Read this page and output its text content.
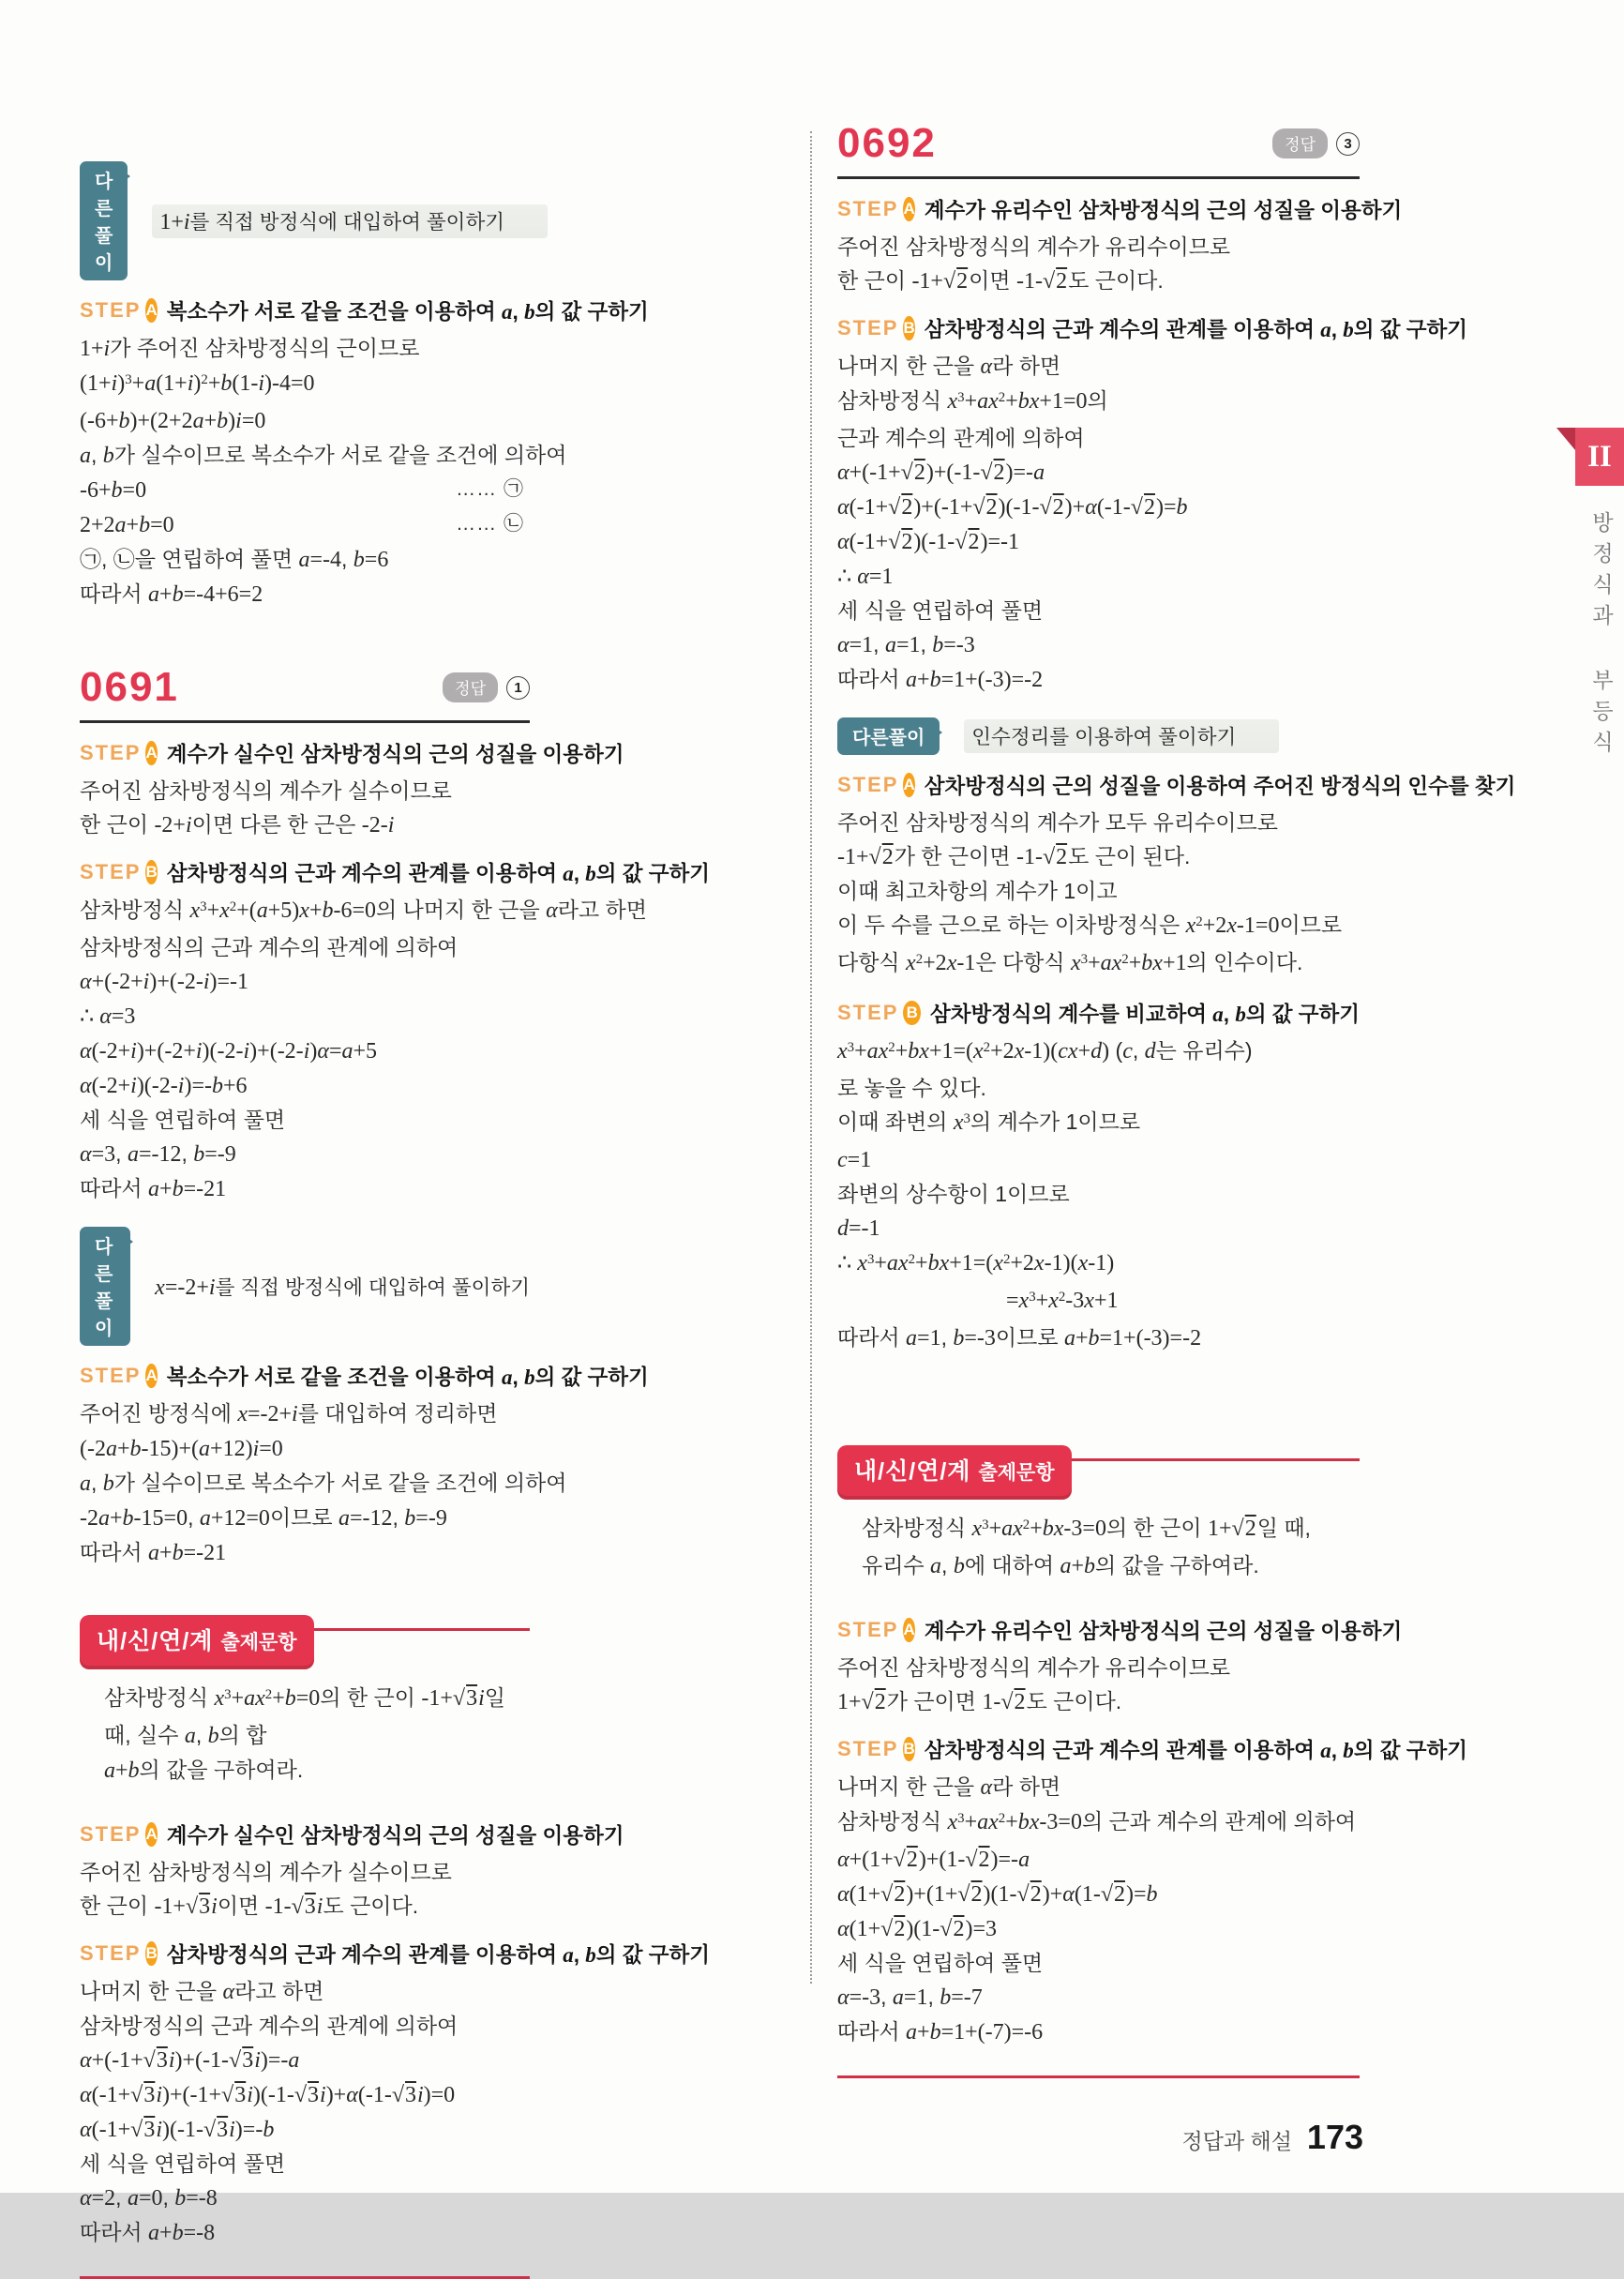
다른풀이
1+i를 직접 방정식에 대입하여 풀이하기
STEP A 복소수가 서로 같을 조건을 이용하여 a, b의 값 구하기
1+i가 주어진 삼차방정식의 근이므로
$(1+i)^3+a(1+i)^2+b(1-i)-4=0$
(-6+b)+(2+2a+b)i=0
a, b가 실수이므로 복소수가 서로 같을 조건에 의하여
-6+b=0	…… ㉠
2+2a+b=0	…… ㉡
㉠, ㉡을 연립하여 풀면 a=-4, b=6
따라서 a+b=-4+6=2
0691	정답	1
STEP A 계수가 실수인 삼차방정식의 근의 성질을 이용하기
주어진 삼차방정식의 계수가 실수이므로
한 근이 -2+i이면 다른 한 근은 -2-i
STEP B 삼차방정식의 근과 계수의 관계를 이용하여 a, b의 값 구하기
삼차방정식 $x^3+x^2+(a+5)x+b-6=0$의 나머지 한 근을 α라고 하면
삼차방정식의 근과 계수의 관계에 의하여
α+(-2+i)+(-2-i)=-1
∴ α=3
α(-2+i)+(-2+i)(-2-i)+(-2-i)α=a+5
α(-2+i)(-2-i)=-b+6
세 식을 연립하여 풀면
α=3, a=-12, b=-9
따라서 a+b=-21
다른풀이
x=-2+i를 직접 방정식에 대입하여 풀이하기
STEP A 복소수가 서로 같을 조건을 이용하여 a, b의 값 구하기
주어진 방정식에 x=-2+i를 대입하여 정리하면
(-2a+b-15)+(a+12)i=0
a, b가 실수이므로 복소수가 서로 같을 조건에 의하여
-2a+b-15=0, a+12=0이므로 a=-12, b=-9
따라서 a+b=-21
내/신/연/계 출제문항
삼차방정식 $x^3+ax^2+b=0$의 한 근이 -1+√3i일 때, 실수 a, b의 합
a+b의 값을 구하여라.
STEP A 계수가 실수인 삼차방정식의 근의 성질을 이용하기
주어진 삼차방정식의 계수가 실수이므로
한 근이 -1+√3i이면 -1-√3i도 근이다.
STEP B 삼차방정식의 근과 계수의 관계를 이용하여 a, b의 값 구하기
나머지 한 근을 α라고 하면
삼차방정식의 근과 계수의 관계에 의하여
α+(-1+√3i)+(-1-√3i)=-a
α(-1+√3i)+(-1+√3i)(-1-√3i)+α(-1-√3i)=0
α(-1+√3i)(-1-√3i)=-b
세 식을 연립하여 풀면
α=2, a=0, b=-8
따라서 a+b=-8
0692	정답	3
STEP A 계수가 유리수인 삼차방정식의 근의 성질을 이용하기
주어진 삼차방정식의 계수가 유리수이므로
한 근이 -1+√2이면 -1-√2도 근이다.
STEP B 삼차방정식의 근과 계수의 관계를 이용하여 a, b의 값 구하기
나머지 한 근을 α라 하면
삼차방정식 $x^3+ax^2+bx+1=0$의
근과 계수의 관계에 의하여
α+(-1+√2)+(-1-√2)=-a
α(-1+√2)+(-1+√2)(-1-√2)+α(-1-√2)=b
α(-1+√2)(-1-√2)=-1
∴ α=1
세 식을 연립하여 풀면
α=1, a=1, b=-3
따라서 a+b=1+(-3)=-2
다른풀이	인수정리를 이용하여 풀이하기
STEP A 삼차방정식의 근의 성질을 이용하여 주어진 방정식의 인수를 찾기
주어진 삼차방정식의 계수가 모두 유리수이므로
-1+√2가 한 근이면 -1-√2도 근이 된다.
이때 최고차항의 계수가 1이고
이 두 수를 근으로 하는 이차방정식은 $x^2+2x-1=0$이므로
다항식 $x^2+2x-1$은 다항식 $x^3+ax^2+bx+1$의 인수이다.
STEP B 삼차방정식의 계수를 비교하여 a, b의 값 구하기
$x^3+ax^2+bx+1=(x^2+2x-1)(cx+d)$ (c, d는 유리수)
로 놓을 수 있다.
이때 좌변의 $x^3$의 계수가 1이므로
c=1
좌변의 상수항이 1이므로
d=-1
∴ $x^3+ax^2+bx+1=(x^2+2x-1)(x-1)$
$=x^3+x^2-3x+1$
따라서 a=1, b=-3이므로 a+b=1+(-3)=-2
내/신/연/계 출제문항
삼차방정식 $x^3+ax^2+bx-3=0$의 한 근이 1+√2일 때,
유리수 a, b에 대하여 a+b의 값을 구하여라.
STEP A 계수가 유리수인 삼차방정식의 근의 성질을 이용하기
주어진 삼차방정식의 계수가 유리수이므로
1+√2가 근이면 1-√2도 근이다.
STEP B 삼차방정식의 근과 계수의 관계를 이용하여 a, b의 값 구하기
나머지 한 근을 α라 하면
삼차방정식 $x^3+ax^2+bx-3=0$의 근과 계수의 관계에 의하여
α+(1+√2)+(1-√2)=-a
α(1+√2)+(1+√2)(1-√2)+α(1-√2)=b
α(1+√2)(1-√2)=3
세 식을 연립하여 풀면
α=-3, a=1, b=-7
따라서 a+b=1+(-7)=-6
II
방정식과 부등식
정답과 해설 173
